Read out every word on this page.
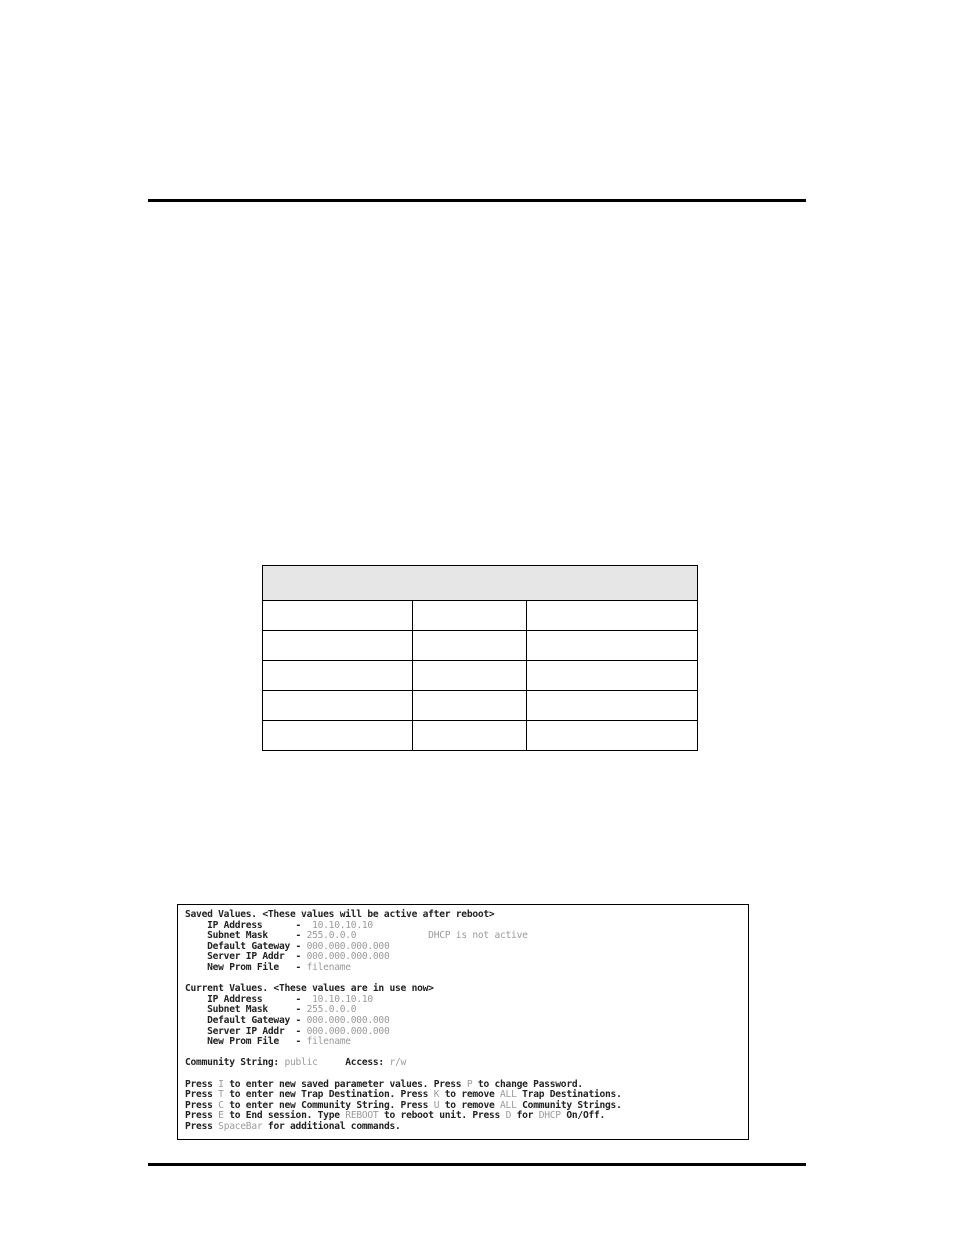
Saved Values. <These values will be active after reboot>
IP Address      -  10.10.10.10
Subnet Mask     - 255.0.0.0	DHCP is not active
Default Gateway - 000.000.000.000
Server IP Addr  - 000.000.000.000
New Prom File   - filename
Current Values. <These values are in use now>
IP Address      -  10.10.10.10
Subnet Mask     - 255.0.0.0
Default Gateway - 000.000.000.000
Server IP Addr  - 000.000.000.000
New Prom File   - filename
Community String: public	Access: r/w
Press I to enter new saved parameter values. Press P to change Password.
Press T to enter new Trap Destination. Press K to remove ALL Trap Destinations.
Press C to enter new Community String. Press U to remove ALL Community Strings.
Press E to End session. Type REBOOT to reboot unit. Press D for DHCP On/Off.
Press SpaceBar for additional commands.
